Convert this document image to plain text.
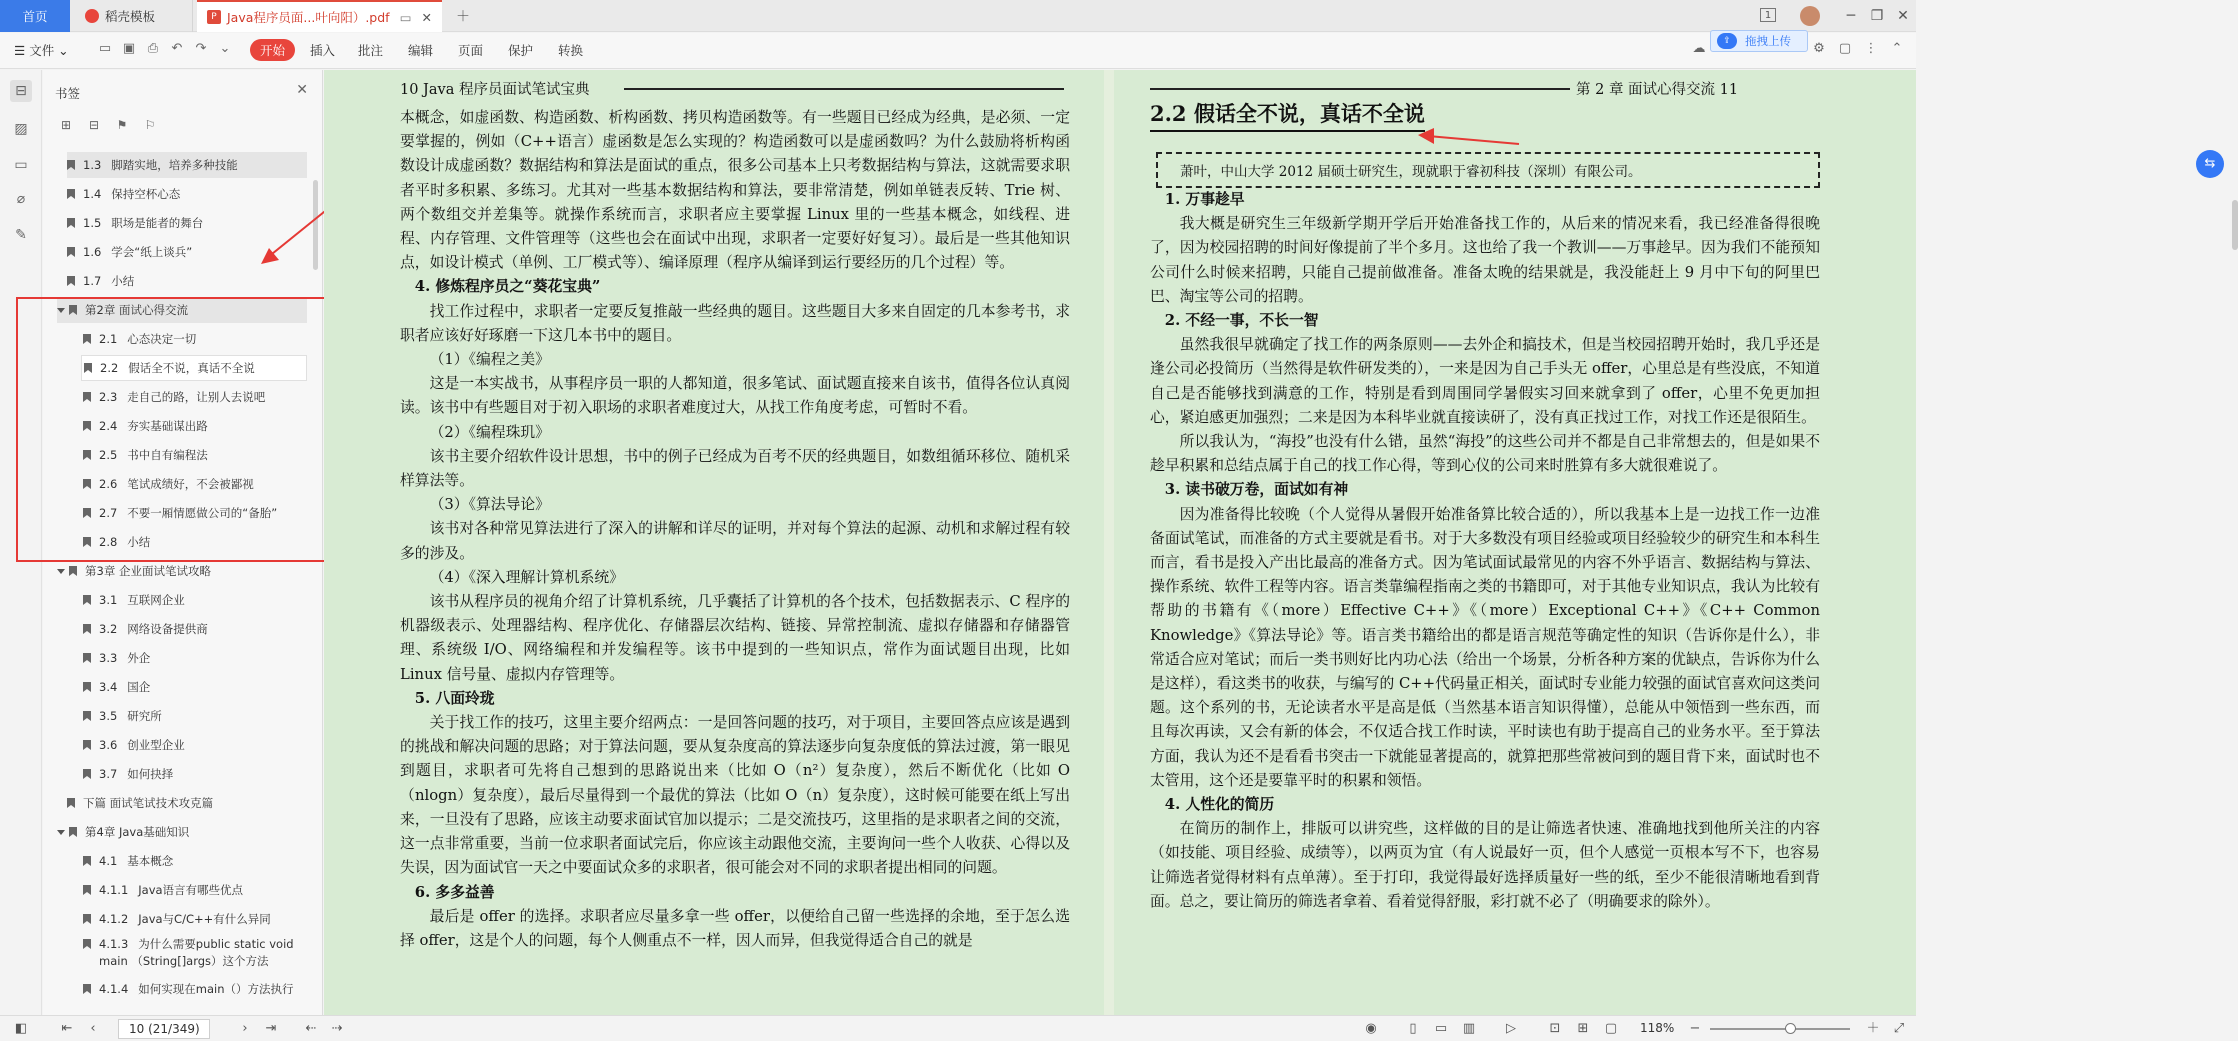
首页	稻壳模板	P Java程序员面...叶向阳）.pdf ▭ ✕ ＋	1	─	❐ ✕
☰ 文件 ⌄ ▭ ▣ ⎙ ↶ ↷ ⌄	开始	插入 批注 编辑 页面 保护 转换	☁	⚙ ▢ ⋮ ⌃
⇪	拖拽上传
⊟
▨
▭
⌀
✎
书签	✕
⊞ ⊟ ⚑ ⚐
1.3 脚踏实地，培养多种技能
1.4 保持空杯心态
1.5 职场是能者的舞台
1.6 学会“纸上谈兵”
1.7 小结
第2章 面试心得交流
2.1 心态决定一切
2.2 假话全不说，真话不全说
2.3 走自己的路，让别人去说吧
2.4 夯实基础谋出路
2.5 书中自有编程法
2.6 笔试成绩好，不会被鄙视
2.7 不要一厢情愿做公司的“备胎”
2.8 小结
第3章 企业面试笔试攻略
3.1 互联网企业
3.2 网络设备提供商
3.3 外企
3.4 国企
3.5 研究所
3.6 创业型企业
3.7 如何抉择
下篇 面试笔试技术攻克篇
第4章 Java基础知识
4.1 基本概念
4.1.1 Java语言有哪些优点
4.1.2 Java与C/C++有什么异同
4.1.3 为什么需要public static void
main （String[]args）这个方法
4.1.4 如何实现在main（）方法执行
10 Java 程序员面试笔试宝典

本概念，如虚函数、构造函数、析构函数、拷贝构造函数等。有一些题目已经成为经典，是必须、一定要掌握的，例如（C++语言）虚函数是怎么实现的？构造函数可以是虚函数吗？为什么鼓励将析构函数设计成虚函数？数据结构和算法是面试的重点，很多公司基本上只考数据结构与算法，这就需要求职者平时多积累、多练习。尤其对一些基本数据结构和算法，要非常清楚，例如单链表反转、Trie 树、两个数组交并差集等。就操作系统而言，求职者应主要掌握 Linux 里的一些基本概念，如线程、进程、内存管理、文件管理等（这些也会在面试中出现，求职者一定要好好复习）。最后是一些其他知识点，如设计模式（单例、工厂模式等）、编译原理（程序从编译到运行要经历的几个过程）等。

4. 修炼程序员之“葵花宝典”

找工作过程中，求职者一定要反复推敲一些经典的题目。这些题目大多来自固定的几本参考书，求职者应该好好琢磨一下这几本书中的题目。

（1）《编程之美》

这是一本实战书，从事程序员一职的人都知道，很多笔试、面试题直接来自该书，值得各位认真阅读。该书中有些题目对于初入职场的求职者难度过大，从找工作角度考虑，可暂时不看。

（2）《编程珠玑》

该书主要介绍软件设计思想，书中的例子已经成为百考不厌的经典题目，如数组循环移位、随机采样算法等。

（3）《算法导论》

该书对各种常见算法进行了深入的讲解和详尽的证明，并对每个算法的起源、动机和求解过程有较多的涉及。

（4）《深入理解计算机系统》

该书从程序员的视角介绍了计算机系统，几乎囊括了计算机的各个技术，包括数据表示、C 程序的机器级表示、处理器结构、程序优化、存储器层次结构、链接、异常控制流、虚拟存储器和存储器管理、系统级 I/O、网络编程和并发编程等。该书中提到的一些知识点，常作为面试题目出现，比如 Linux 信号量、虚拟内存管理等。

5. 八面玲珑

关于找工作的技巧，这里主要介绍两点：一是回答问题的技巧，对于项目，主要回答点应该是遇到的挑战和解决问题的思路；对于算法问题，要从复杂度高的算法逐步向复杂度低的算法过渡，第一眼见到题目，求职者可先将自己想到的思路说出来（比如 O（n²）复杂度），然后不断优化（比如 O（nlogn）复杂度），最后尽量得到一个最优的算法（比如 O（n）复杂度），这时候可能要在纸上写出来，一旦没有了思路，应该主动要求面试官加以提示；二是交流技巧，这里指的是求职者之间的交流，这一点非常重要，当前一位求职者面试完后，你应该主动跟他交流，主要询问一些个人收获、心得以及失误，因为面试官一天之中要面试众多的求职者，很可能会对不同的求职者提出相同的问题。

6. 多多益善

最后是 offer 的选择。求职者应尽量多拿一些 offer，以便给自己留一些选择的余地，至于怎么选择 offer，这是个人的问题，每个人侧重点不一样，因人而异，但我觉得适合自己的就是

第 2 章 面试心得交流 11
2.2 假话全不说，真话不全说
萧叶，中山大学 2012 届硕士研究生，现就职于睿初科技（深圳）有限公司。

1. 万事趁早

我大概是研究生三年级新学期开学后开始准备找工作的，从后来的情况来看，我已经准备得很晚了，因为校园招聘的时间好像提前了半个多月。这也给了我一个教训——万事趁早。因为我们不能预知公司什么时候来招聘，只能自己提前做准备。准备太晚的结果就是，我没能赶上 9 月中下旬的阿里巴巴、淘宝等公司的招聘。

2. 不经一事，不长一智

虽然我很早就确定了找工作的两条原则——去外企和搞技术，但是当校园招聘开始时，我几乎还是逢公司必投简历（当然得是软件研发类的），一来是因为自己手头无 offer，心里总是有些没底，不知道自己是否能够找到满意的工作，特别是看到周围同学暑假实习回来就拿到了 offer，心里不免更加担心，紧迫感更加强烈；二来是因为本科毕业就直接读研了，没有真正找过工作，对找工作还是很陌生。

所以我认为，“海投”也没有什么错，虽然“海投”的这些公司并不都是自己非常想去的，但是如果不趁早积累和总结点属于自己的找工作心得，等到心仪的公司来时胜算有多大就很难说了。

3. 读书破万卷，面试如有神

因为准备得比较晚（个人觉得从暑假开始准备算比较合适的），所以我基本上是一边找工作一边准备面试笔试，而准备的方式主要就是看书。对于大多数没有项目经验或项目经验较少的研究生和本科生而言，看书是投入产出比最高的准备方式。因为笔试面试最常见的内容不外乎语言、数据结构与算法、操作系统、软件工程等内容。语言类靠编程指南之类的书籍即可，对于其他专业知识点，我认为比较有帮助的书籍有《（more）Effective C++》《（more）Exceptional C++》《C++ Common Knowledge》《算法导论》等。语言类书籍给出的都是语言规范等确定性的知识（告诉你是什么），非常适合应对笔试；而后一类书则好比内功心法（给出一个场景，分析各种方案的优缺点，告诉你为什么是这样），看这类书的收获，与编写的 C++代码量正相关，面试时专业能力较强的面试官喜欢问这类问题。这个系列的书，无论读者水平是高是低（当然基本语言知识得懂），总能从中领悟到一些东西，而且每次再读，又会有新的体会，不仅适合找工作时读，平时读也有助于提高自己的业务水平。至于算法方面，我认为还不是看看书突击一下就能显著提高的，就算把那些常被问到的题目背下来，面试时也不太管用，这个还是要靠平时的积累和领悟。

4. 人性化的简历

在简历的制作上，排版可以讲究些，这样做的目的是让筛选者快速、准确地找到他所关注的内容（如技能、项目经验、成绩等），以两页为宜（有人说最好一页，但个人感觉一页根本写不下，也容易让筛选者觉得材料有点单薄）。至于打印，我觉得最好选择质量好一些的纸，至少不能很清晰地看到背面。总之，要让简历的筛选者拿着、看着觉得舒服，彩打就不必了（明确要求的除外）。

⇆
◧	⇤	‹	10 (21/349)	›	⇥ ⇠ ⇢	◉	▯	▭ ▥	▷	⊡ ⊞ ▢ 118% −	＋ ⤢
